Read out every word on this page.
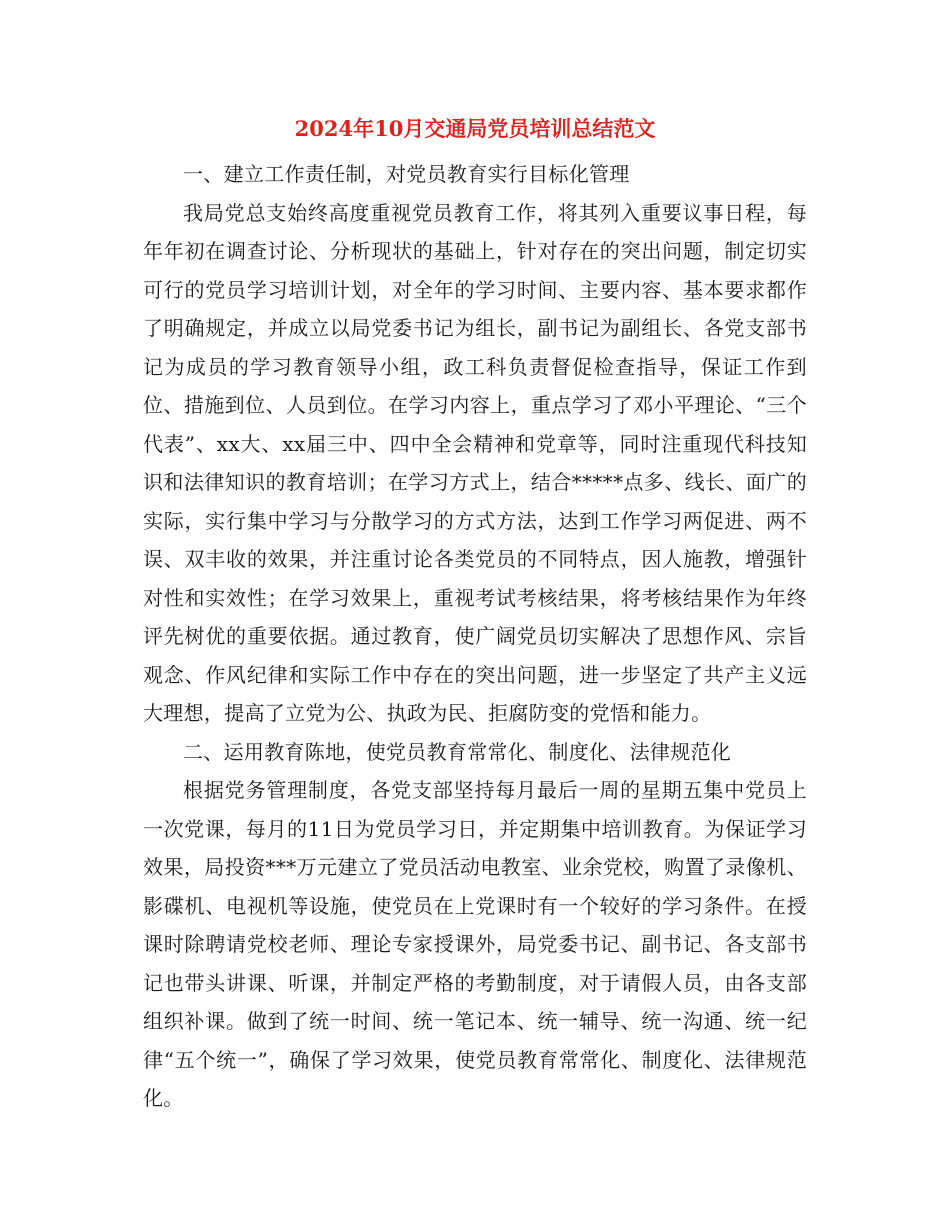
2024年10月交通局党员培训总结范文

一、建立工作责任制，对党员教育实行目标化管理

我局党总支始终高度重视党员教育工作，将其列入重要议事日程，每年年初在调查讨论、分析现状的基础上，针对存在的突出问题，制定切实可行的党员学习培训计划，对全年的学习时间、主要内容、基本要求都作了明确规定，并成立以局党委书记为组长，副书记为副组长、各党支部书记为成员的学习教育领导小组，政工科负责督促检查指导，保证工作到位、措施到位、人员到位。在学习内容上，重点学习了邓小平理论、“三个代表”、xx大、xx届三中、四中全会精神和党章等，同时注重现代科技知识和法律知识的教育培训；在学习方式上，结合*****点多、线长、面广的实际，实行集中学习与分散学习的方式方法，达到工作学习两促进、两不误、双丰收的效果，并注重讨论各类党员的不同特点，因人施教，增强针对性和实效性；在学习效果上，重视考试考核结果，将考核结果作为年终评先树优的重要依据。通过教育，使广阔党员切实解决了思想作风、宗旨观念、作风纪律和实际工作中存在的突出问题，进一步坚定了共产主义远大理想，提高了立党为公、执政为民、拒腐防变的党悟和能力。

二、运用教育陈地，使党员教育常常化、制度化、法律规范化

根据党务管理制度，各党支部坚持每月最后一周的星期五集中党员上一次党课，每月的11日为党员学习日，并定期集中培训教育。为保证学习效果，局投资***万元建立了党员活动电教室、业余党校，购置了录像机、影碟机、电视机等设施，使党员在上党课时有一个较好的学习条件。在授课时除聘请党校老师、理论专家授课外，局党委书记、副书记、各支部书记也带头讲课、听课，并制定严格的考勤制度，对于请假人员，由各支部组织补课。做到了统一时间、统一笔记本、统一辅导、统一沟通、统一纪律“五个统一”，确保了学习效果，使党员教育常常化、制度化、法律规范化。
